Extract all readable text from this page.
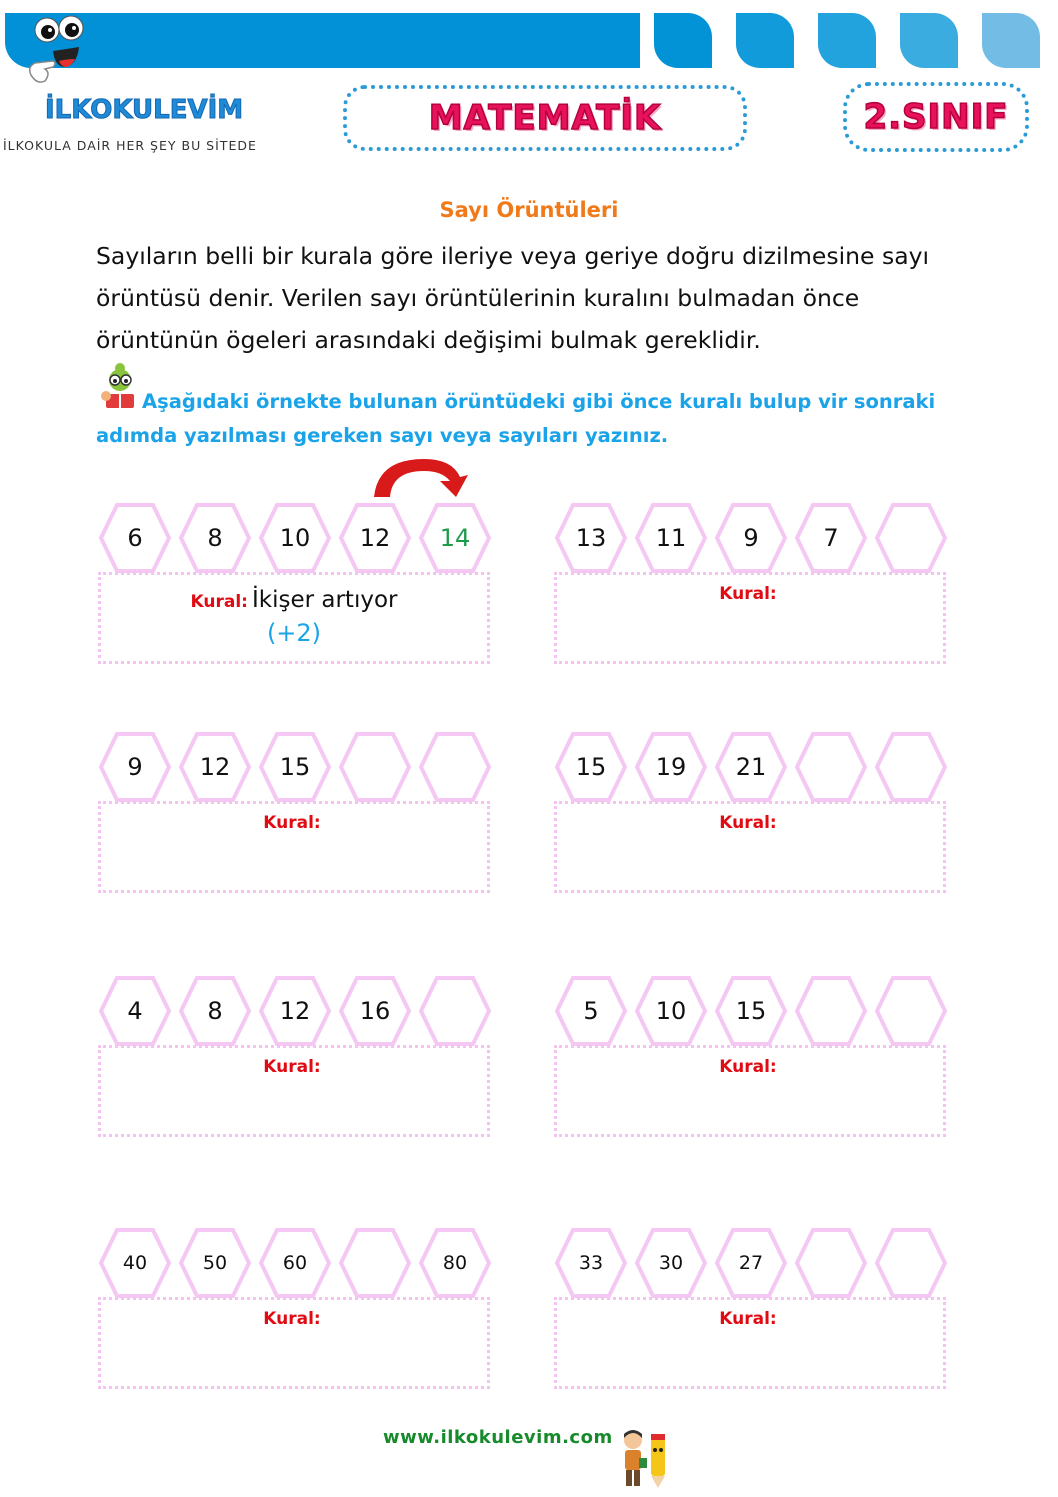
İLKOKULEVİM
İLKOKULA DAİR HER ŞEY BU SİTEDE
MATEMATİK	2.SINIF
Sayı Örüntüleri
Sayıların belli bir kurala göre ileriye veya geriye doğru dizilmesine sayı örüntüsü denir. Verilen sayı örüntülerinin kuralını bulmadan önce örüntünün ögeleri arasındaki değişimi bulmak gereklidir.
Aşağıdaki örnekte bulunan örüntüdeki gibi önce kuralı bulup vir sonraki adımda yazılması gereken sayı veya sayıları yazınız.
6	8	10	12	14
Kural: İkişer artıyor
(+2)
13	11	9	7
Kural:
9	12	15
Kural:
15	19	21
Kural:
4	8	12	16
Kural:
5	10	15
Kural:
40	50	60	80
Kural:
33	30	27
Kural:
www.ilkokulevim.com
